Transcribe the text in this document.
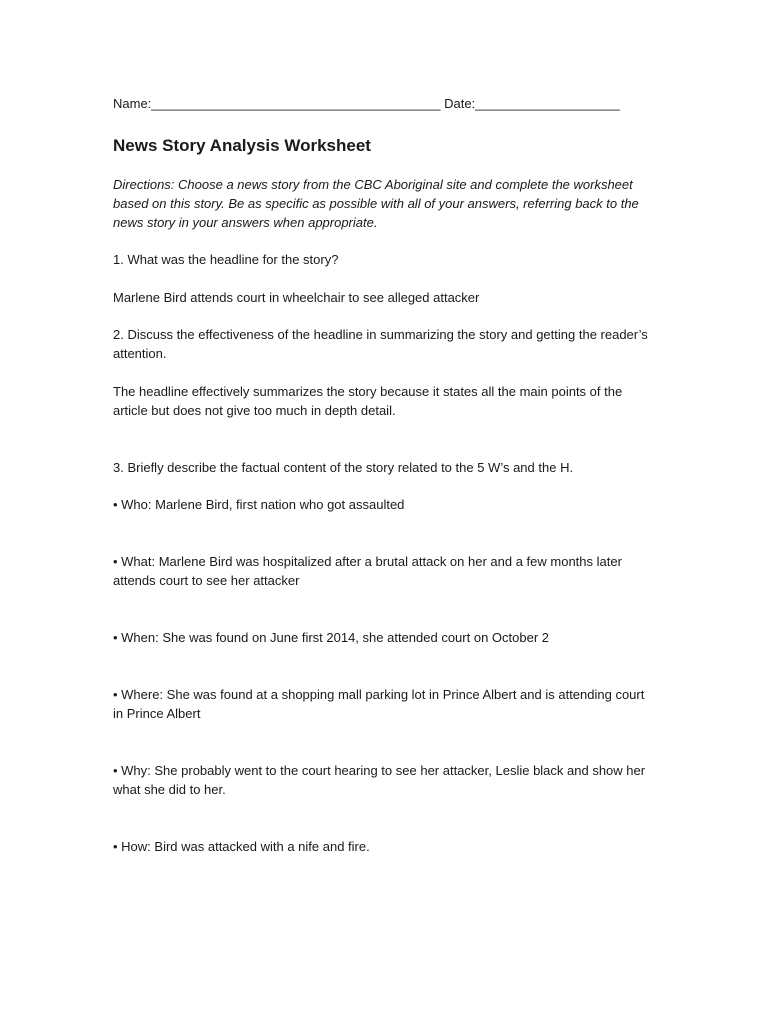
Name:________________________________________ Date:____________________
News Story Analysis Worksheet
Directions: Choose a news story from the CBC Aboriginal site and complete the worksheet based on this story. Be as specific as possible with all of your answers, referring back to the news story in your answers when appropriate.
1. What was the headline for the story?
Marlene Bird attends court in wheelchair to see alleged attacker
2. Discuss the effectiveness of the headline in summarizing the story and getting the reader’s attention.
The headline effectively summarizes the story because it states all the main points of the article but does not give too much in depth detail.
3. Briefly describe the factual content of the story related to the 5 W’s and the H.
• Who: Marlene Bird, first nation who got assaulted
• What: Marlene Bird was hospitalized after a brutal attack on her and a few months later attends court to see her attacker
• When: She was found on June first 2014, she attended court on October 2
• Where: She was found at a shopping mall parking lot in Prince Albert and is attending court in Prince Albert
• Why: She probably went to the court hearing to see her attacker, Leslie black and show her what she did to her.
• How: Bird was attacked with a nife and fire.
